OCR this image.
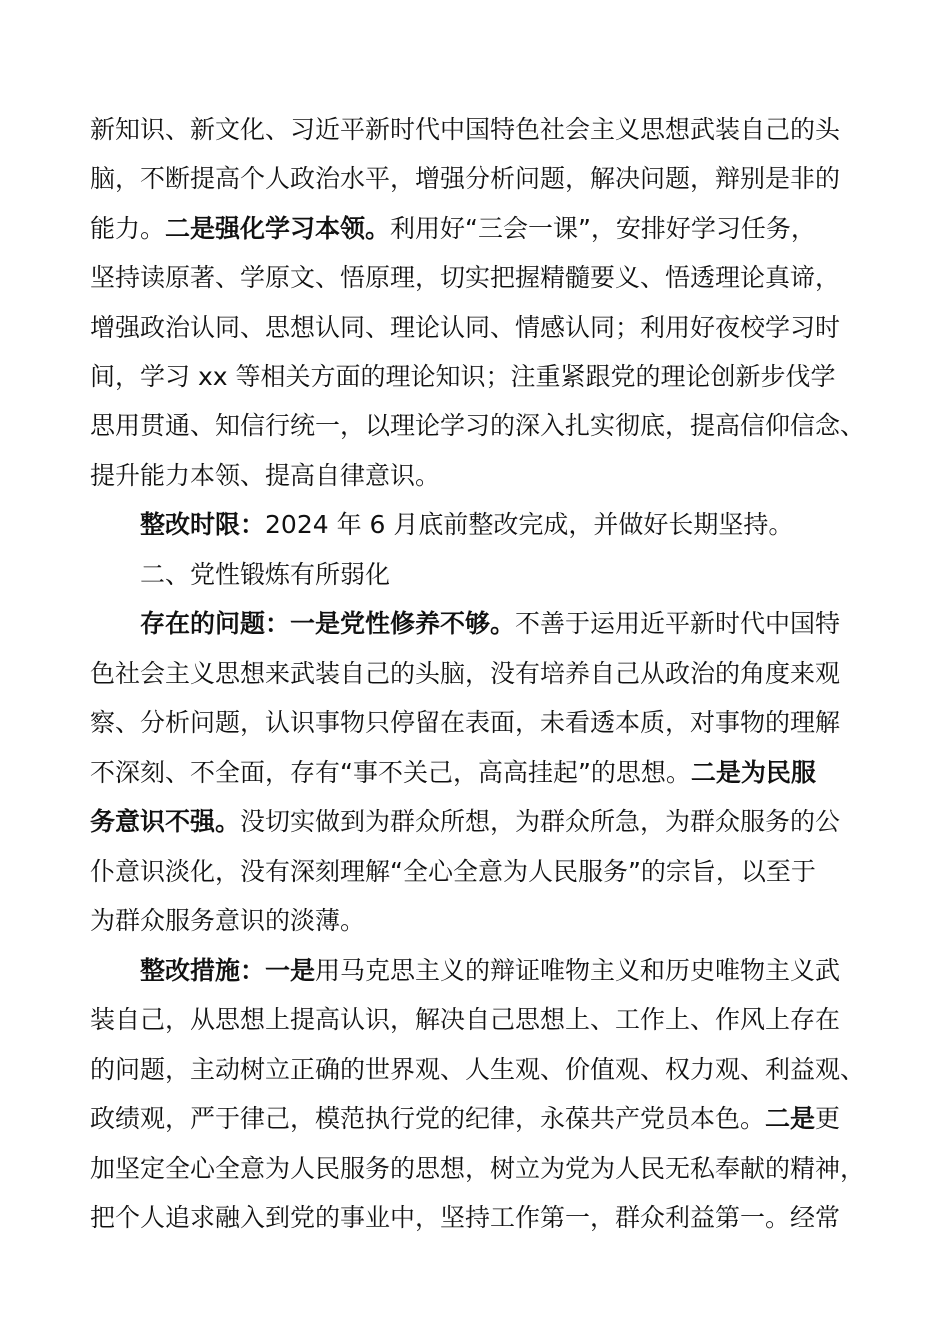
新知识、新文化、习近平新时代中国特色社会主义思想武装自己的头
脑，不断提高个人政治水平，增强分析问题，解决问题，辩别是非的
能力。二是强化学习本领。利用好“三会一课”，安排好学习任务，
坚持读原著、学原文、悟原理，切实把握精髓要义、悟透理论真谛，
增强政治认同、思想认同、理论认同、情感认同；利用好夜校学习时
间，学习 xx 等相关方面的理论知识；注重紧跟党的理论创新步伐学
思用贯通、知信行统一，以理论学习的深入扎实彻底，提高信仰信念、
提升能力本领、提高自律意识。
整改时限：2024 年 6 月底前整改完成，并做好长期坚持。
二、党性锻炼有所弱化
存在的问题：一是党性修养不够。不善于运用近平新时代中国特
色社会主义思想来武装自己的头脑，没有培养自己从政治的角度来观
察、分析问题，认识事物只停留在表面，未看透本质，对事物的理解
不深刻、不全面，存有“事不关己，高高挂起”的思想。二是为民服
务意识不强。没切实做到为群众所想，为群众所急，为群众服务的公
仆意识淡化，没有深刻理解“全心全意为人民服务”的宗旨，以至于
为群众服务意识的淡薄。
整改措施：一是用马克思主义的辩证唯物主义和历史唯物主义武
装自己，从思想上提高认识，解决自己思想上、工作上、作风上存在
的问题，主动树立正确的世界观、人生观、价值观、权力观、利益观、
政绩观，严于律己，模范执行党的纪律，永葆共产党员本色。二是更
加坚定全心全意为人民服务的思想，树立为党为人民无私奉献的精神，
把个人追求融入到党的事业中，坚持工作第一，群众利益第一。经常
